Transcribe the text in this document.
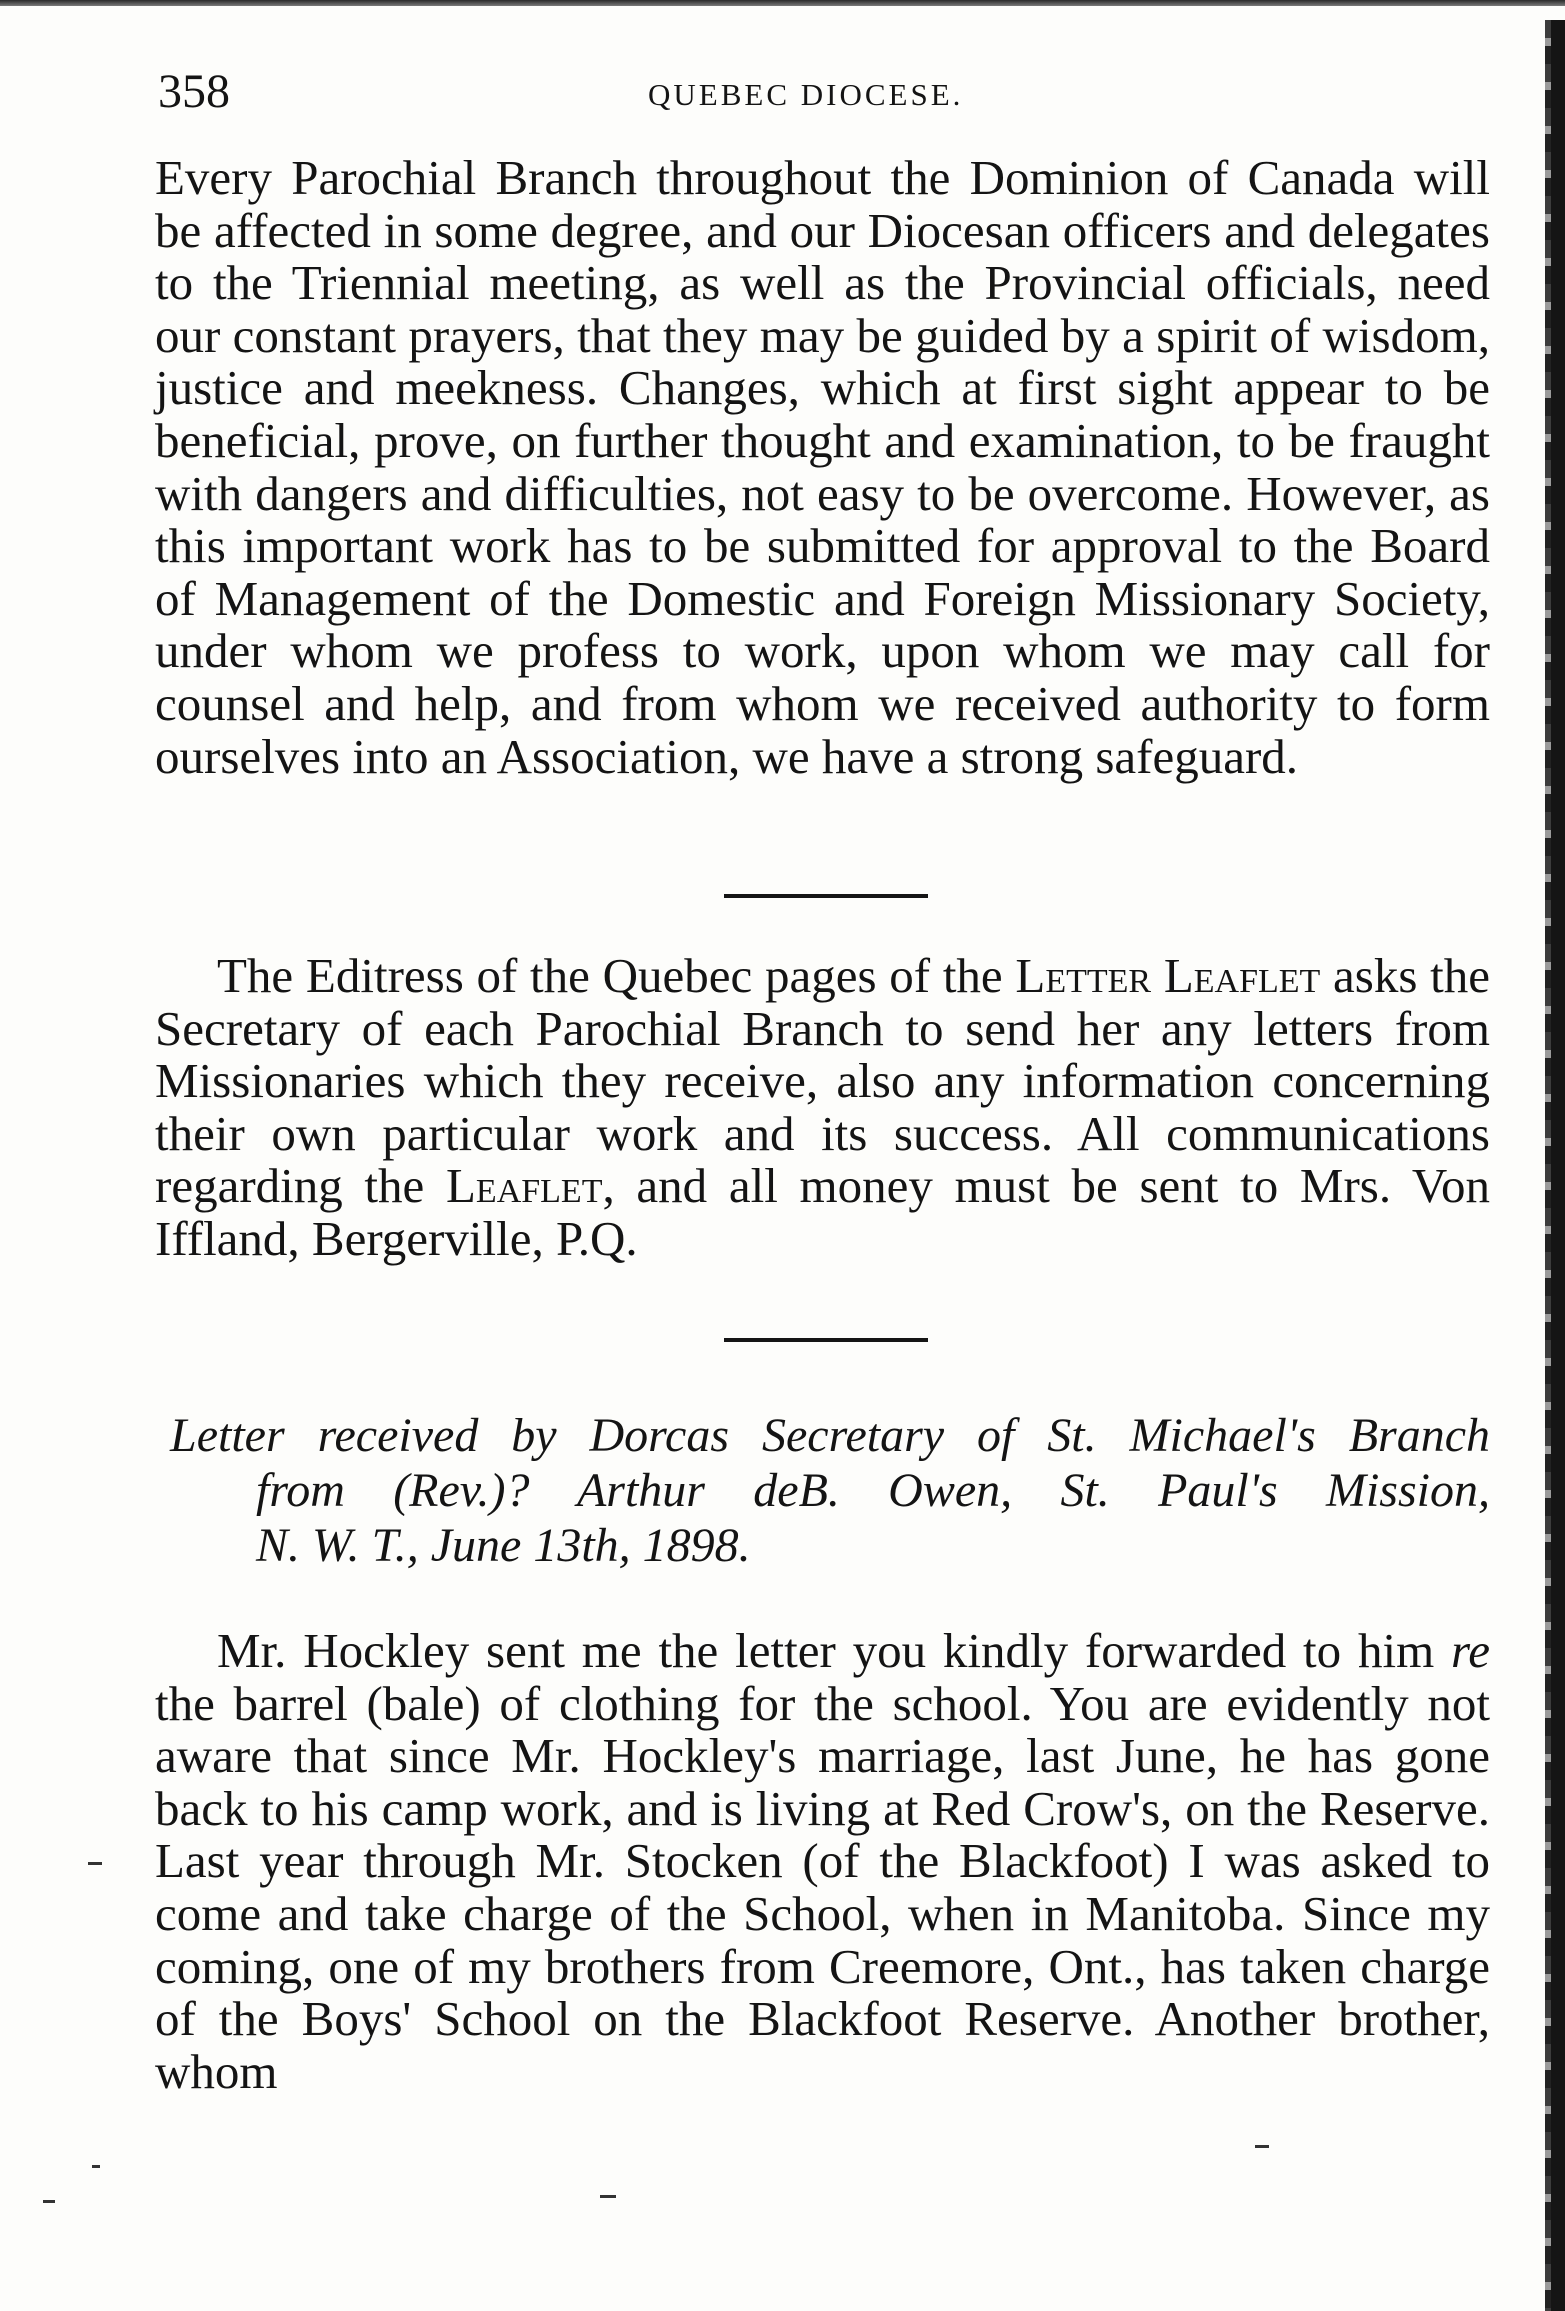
358	QUEBEC DIOCESE.

Every Parochial Branch throughout the Dominion of Canada will be affected in some degree, and our Diocesan officers and delegates to the Triennial meeting, as well as the Provincial officials, need our constant prayers, that they may be guided by a spirit of wisdom, justice and meekness. Changes, which at first sight appear to be beneficial, prove, on further thought and examination, to be fraught with dangers and difficulties, not easy to be overcome. However, as this important work has to be submitted for approval to the Board of Management of the Domestic and Foreign Missionary Society, under whom we profess to work, upon whom we may call for counsel and help, and from whom we received authority to form ourselves into an Association, we have a strong safeguard.

The Editress of the Quebec pages of the Letter Leaflet asks the Secretary of each Parochial Branch to send her any letters from Missionaries which they receive, also any information concerning their own particular work and its success. All communications regarding the Leaflet, and all money must be sent to Mrs. Von Iffland, Bergerville, P.Q.

Letter received by Dorcas Secretary of St. Michael's Branch
from (Rev.)? Arthur deB. Owen, St. Paul's Mission,
N. W. T., June 13th, 1898.

Mr. Hockley sent me the letter you kindly forwarded to him re the barrel (bale) of clothing for the school. You are evidently not aware that since Mr. Hockley's marriage, last June, he has gone back to his camp work, and is living at Red Crow's, on the Reserve. Last year through Mr. Stocken (of the Blackfoot) I was asked to come and take charge of the School, when in Manitoba. Since my coming, one of my brothers from Creemore, Ont., has taken charge of the Boys' School on the Blackfoot Reserve. Another brother, whom
